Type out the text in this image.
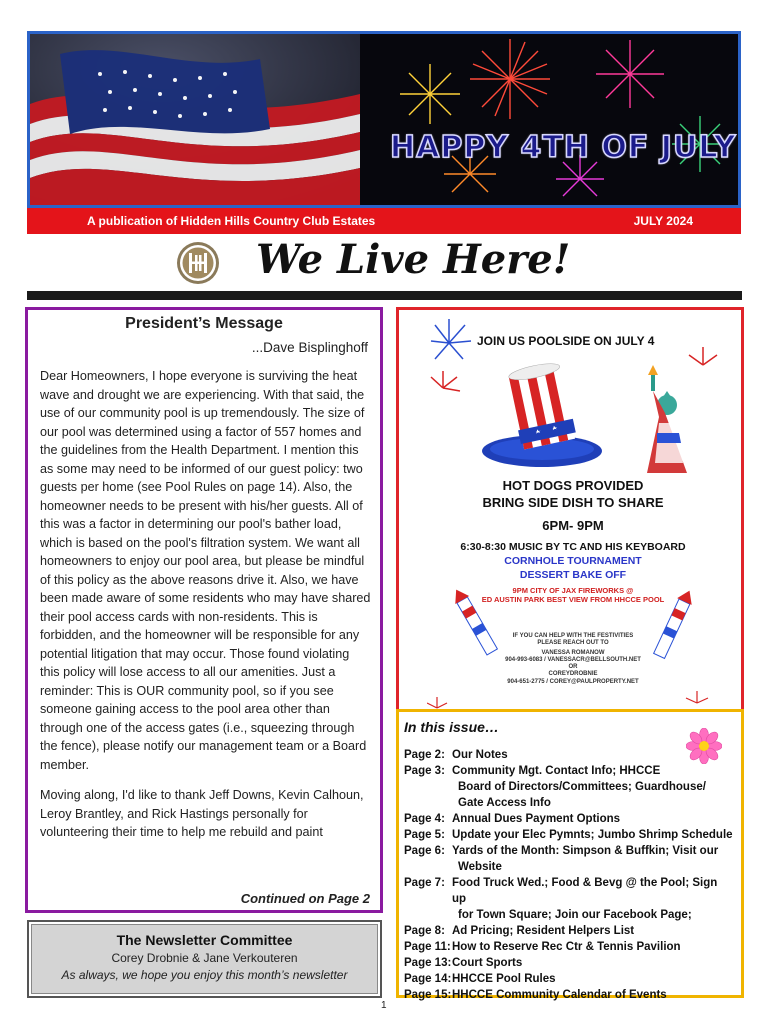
HAPPY 4TH OF JULY
A publication of Hidden Hills Country Club Estates	JULY 2024
We Live Here!
President’s Message
...Dave Bisplinghoff

Dear Homeowners, I hope everyone is surviving the heat wave and drought we are experiencing. With that said, the use of our community pool is up tremendously. The size of our pool was determined using a factor of 557 homes and the guidelines from the Health Department. I mention this as some may need to be informed of our guest policy: two guests per home (see Pool Rules on page 14). Also, the homeowner needs to be present with his/her guests. All of this was a factor in determining our pool's bather load, which is based on the pool's filtration system. We want all homeowners to enjoy our pool area, but please be mindful of this policy as the above reasons drive it. Also, we have been made aware of some residents who may have shared their pool access cards with non-residents. This is forbidden, and the homeowner will be responsible for any potential litigation that may occur. Those found violating this policy will lose access to all our amenities. Just a reminder: This is OUR community pool, so if you see someone gaining access to the pool area other than through one of the access gates (i.e., squeezing through the fence), please notify our management team or a Board member.

Moving along, I'd like to thank Jeff Downs, Kevin Calhoun, Leroy Brantley, and Rick Hastings personally for volunteering their time to help me rebuild and paint

Continued on Page 2
The Newsletter Committee
Corey Drobnie & Jane Verkouteren
As always, we hope you enjoy this month’s newsletter
1
JOIN US POOLSIDE ON JULY 4
HOT DOGS PROVIDED
BRING SIDE DISH TO SHARE
6PM- 9PM
6:30-8:30 MUSIC BY TC AND HIS KEYBOARD
CORNHOLE TOURNAMENT
DESSERT BAKE OFF
9PM CITY OF JAX FIREWORKS @
ED AUSTIN PARK BEST VIEW FROM HHCCE POOL
IF YOU CAN HELP WITH THE FESTIVITIES
PLEASE REACH OUT TO
VANESSA ROMANOW
904-993-6083 / VANESSACR@BELLSOUTH.NET
OR
COREYDROBNIE
904-651-2775 / COREY@PAULPROPERTY.NET
In this issue…
Page 2: Our Notes
Page 3: Community Mgt. Contact Info; HHCCE
Board of Directors/Committees; Guardhouse/
Gate Access Info
Page 4: Annual Dues Payment Options
Page 5: Update your Elec Pymnts; Jumbo Shrimp Schedule
Page 6: Yards of the Month: Simpson & Buffkin; Visit our
Website
Page 7: Food Truck Wed.; Food & Bevg @ the Pool; Sign up
for Town Square; Join our Facebook Page;
Page 8: Ad Pricing; Resident Helpers List
Page 11: How to Reserve Rec Ctr & Tennis Pavilion
Page 13: Court Sports
Page 14: HHCCE Pool Rules
Page 15: HHCCE Community Calendar of Events
